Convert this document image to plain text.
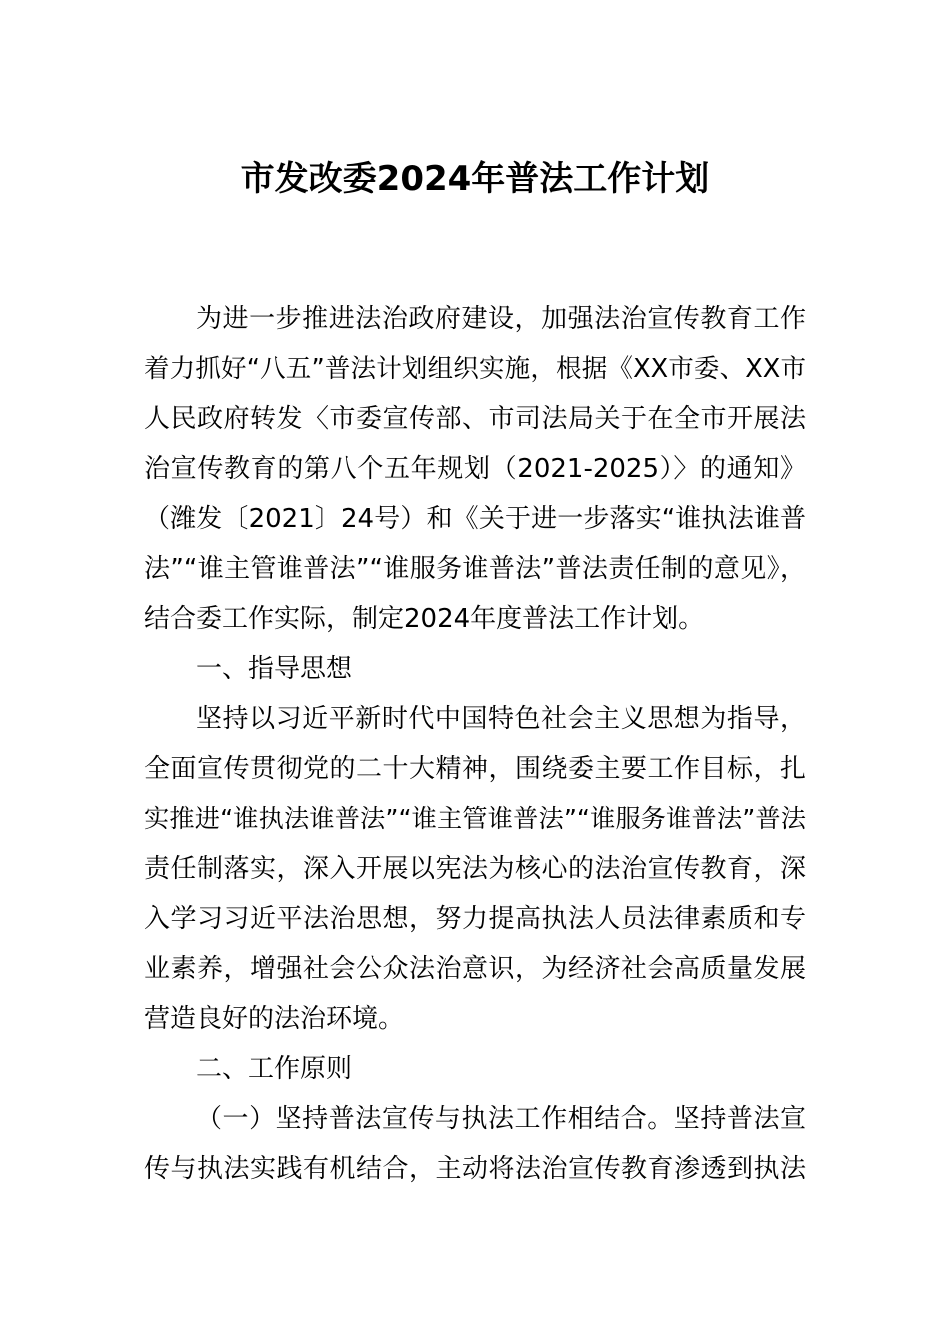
市发改委2024年普法工作计划
为进一步推进法治政府建设，加强法治宣传教育工作
着力抓好“八五”普法计划组织实施，根据《XX市委、XX市
人民政府转发〈市委宣传部、市司法局关于在全市开展法
治宣传教育的第八个五年规划（2021-2025）〉的通知》
（潍发〔2021〕24号）和《关于进一步落实“谁执法谁普
法”“谁主管谁普法”“谁服务谁普法”普法责任制的意见》，
结合委工作实际，制定2024年度普法工作计划。
一、指导思想
坚持以习近平新时代中国特色社会主义思想为指导，
全面宣传贯彻党的二十大精神，围绕委主要工作目标，扎
实推进“谁执法谁普法”“谁主管谁普法”“谁服务谁普法”普法
责任制落实，深入开展以宪法为核心的法治宣传教育，深
入学习习近平法治思想，努力提高执法人员法律素质和专
业素养，增强社会公众法治意识，为经济社会高质量发展
营造良好的法治环境。
二、工作原则
（一）坚持普法宣传与执法工作相结合。坚持普法宣
传与执法实践有机结合，主动将法治宣传教育渗透到执法
